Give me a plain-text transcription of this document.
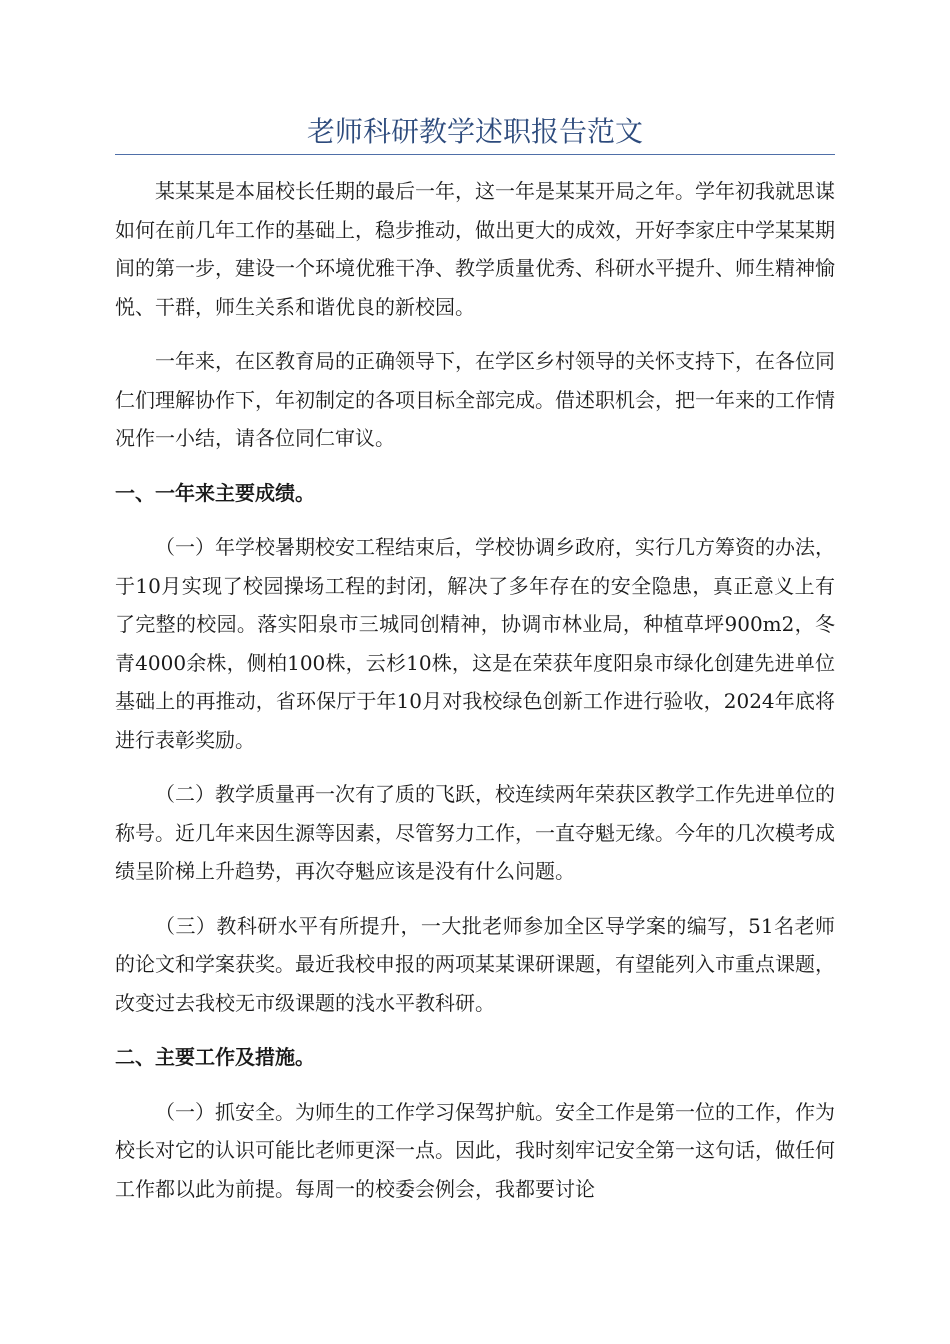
老师科研教学述职报告范文

某某某是本届校长任期的最后一年，这一年是某某开局之年。学年初我就思谋如何在前几年工作的基础上，稳步推动，做出更大的成效，开好李家庄中学某某期间的第一步，建设一个环境优雅干净、教学质量优秀、科研水平提升、师生精神愉悦、干群，师生关系和谐优良的新校园。

一年来，在区教育局的正确领导下，在学区乡村领导的关怀支持下，在各位同仁们理解协作下，年初制定的各项目标全部完成。借述职机会，把一年来的工作情况作一小结，请各位同仁审议。

一、一年来主要成绩。

（一）年学校暑期校安工程结束后，学校协调乡政府，实行几方筹资的办法，于10月实现了校园操场工程的封闭，解决了多年存在的安全隐患，真正意义上有了完整的校园。落实阳泉市三城同创精神，协调市林业局，种植草坪900m2，冬青4000余株，侧柏100株，云杉10株，这是在荣获年度阳泉市绿化创建先进单位基础上的再推动，省环保厅于年10月对我校绿色创新工作进行验收，2024年底将进行表彰奖励。

（二）教学质量再一次有了质的飞跃，校连续两年荣获区教学工作先进单位的称号。近几年来因生源等因素，尽管努力工作，一直夺魁无缘。今年的几次模考成绩呈阶梯上升趋势，再次夺魁应该是没有什么问题。

（三）教科研水平有所提升，一大批老师参加全区导学案的编写，51名老师的论文和学案获奖。最近我校申报的两项某某课研课题，有望能列入市重点课题，改变过去我校无市级课题的浅水平教科研。

二、主要工作及措施。

（一）抓安全。为师生的工作学习保驾护航。安全工作是第一位的工作，作为校长对它的认识可能比老师更深一点。因此，我时刻牢记安全第一这句话，做任何工作都以此为前提。每周一的校委会例会，我都要讨论
